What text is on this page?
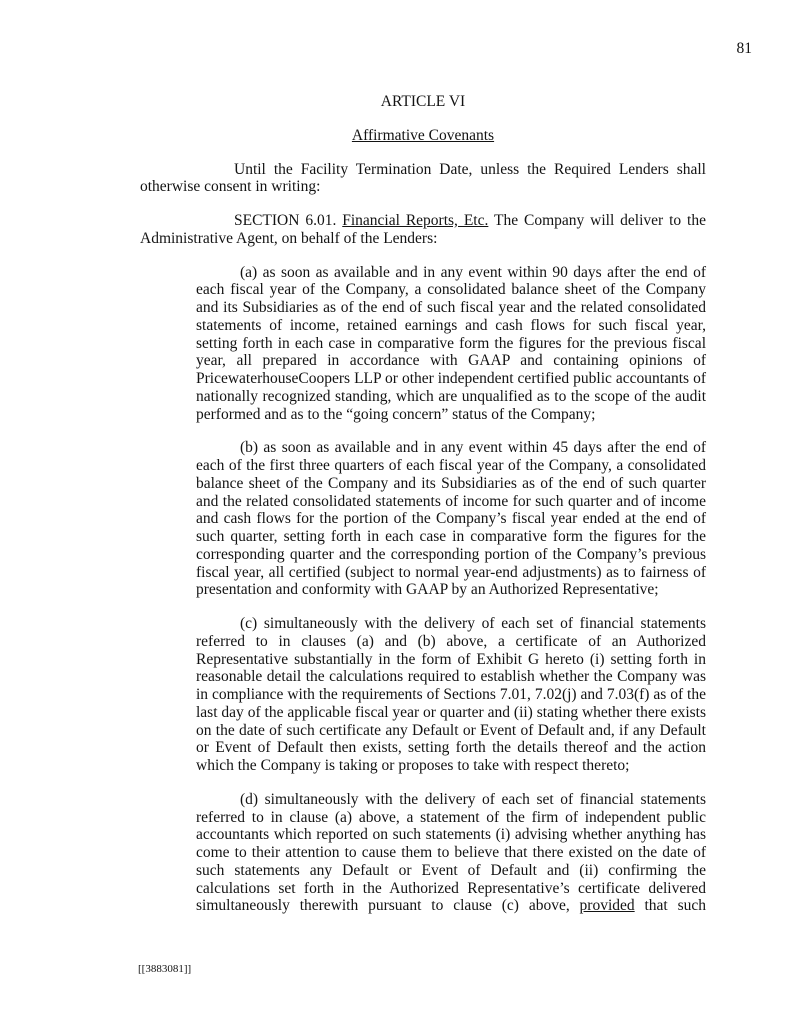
81
ARTICLE VI
Affirmative Covenants

Until the Facility Termination Date, unless the Required Lenders shall otherwise consent in writing:

SECTION 6.01. Financial Reports, Etc. The Company will deliver to the Administrative Agent, on behalf of the Lenders:

(a) as soon as available and in any event within 90 days after the end of each fiscal year of the Company, a consolidated balance sheet of the Company and its Subsidiaries as of the end of such fiscal year and the related consolidated statements of income, retained earnings and cash flows for such fiscal year, setting forth in each case in comparative form the figures for the previous fiscal year, all prepared in accordance with GAAP and containing opinions of PricewaterhouseCoopers LLP or other independent certified public accountants of nationally recognized standing, which are unqualified as to the scope of the audit performed and as to the “going concern” status of the Company;

(b) as soon as available and in any event within 45 days after the end of each of the first three quarters of each fiscal year of the Company, a consolidated balance sheet of the Company and its Subsidiaries as of the end of such quarter and the related consolidated statements of income for such quarter and of income and cash flows for the portion of the Company’s fiscal year ended at the end of such quarter, setting forth in each case in comparative form the figures for the corresponding quarter and the corresponding portion of the Company’s previous fiscal year, all certified (subject to normal year-end adjustments) as to fairness of presentation and conformity with GAAP by an Authorized Representative;

(c) simultaneously with the delivery of each set of financial statements referred to in clauses (a) and (b) above, a certificate of an Authorized Representative substantially in the form of Exhibit G hereto (i) setting forth in reasonable detail the calculations required to establish whether the Company was in compliance with the requirements of Sections 7.01, 7.02(j) and 7.03(f) as of the last day of the applicable fiscal year or quarter and (ii) stating whether there exists on the date of such certificate any Default or Event of Default and, if any Default or Event of Default then exists, setting forth the details thereof and the action which the Company is taking or proposes to take with respect thereto;

(d) simultaneously with the delivery of each set of financial statements referred to in clause (a) above, a statement of the firm of independent public accountants which reported on such statements (i) advising whether anything has come to their attention to cause them to believe that there existed on the date of such statements any Default or Event of Default and (ii) confirming the calculations set forth in the Authorized Representative’s certificate delivered simultaneously therewith pursuant to clause (c) above, provided that such

[[3883081]]
